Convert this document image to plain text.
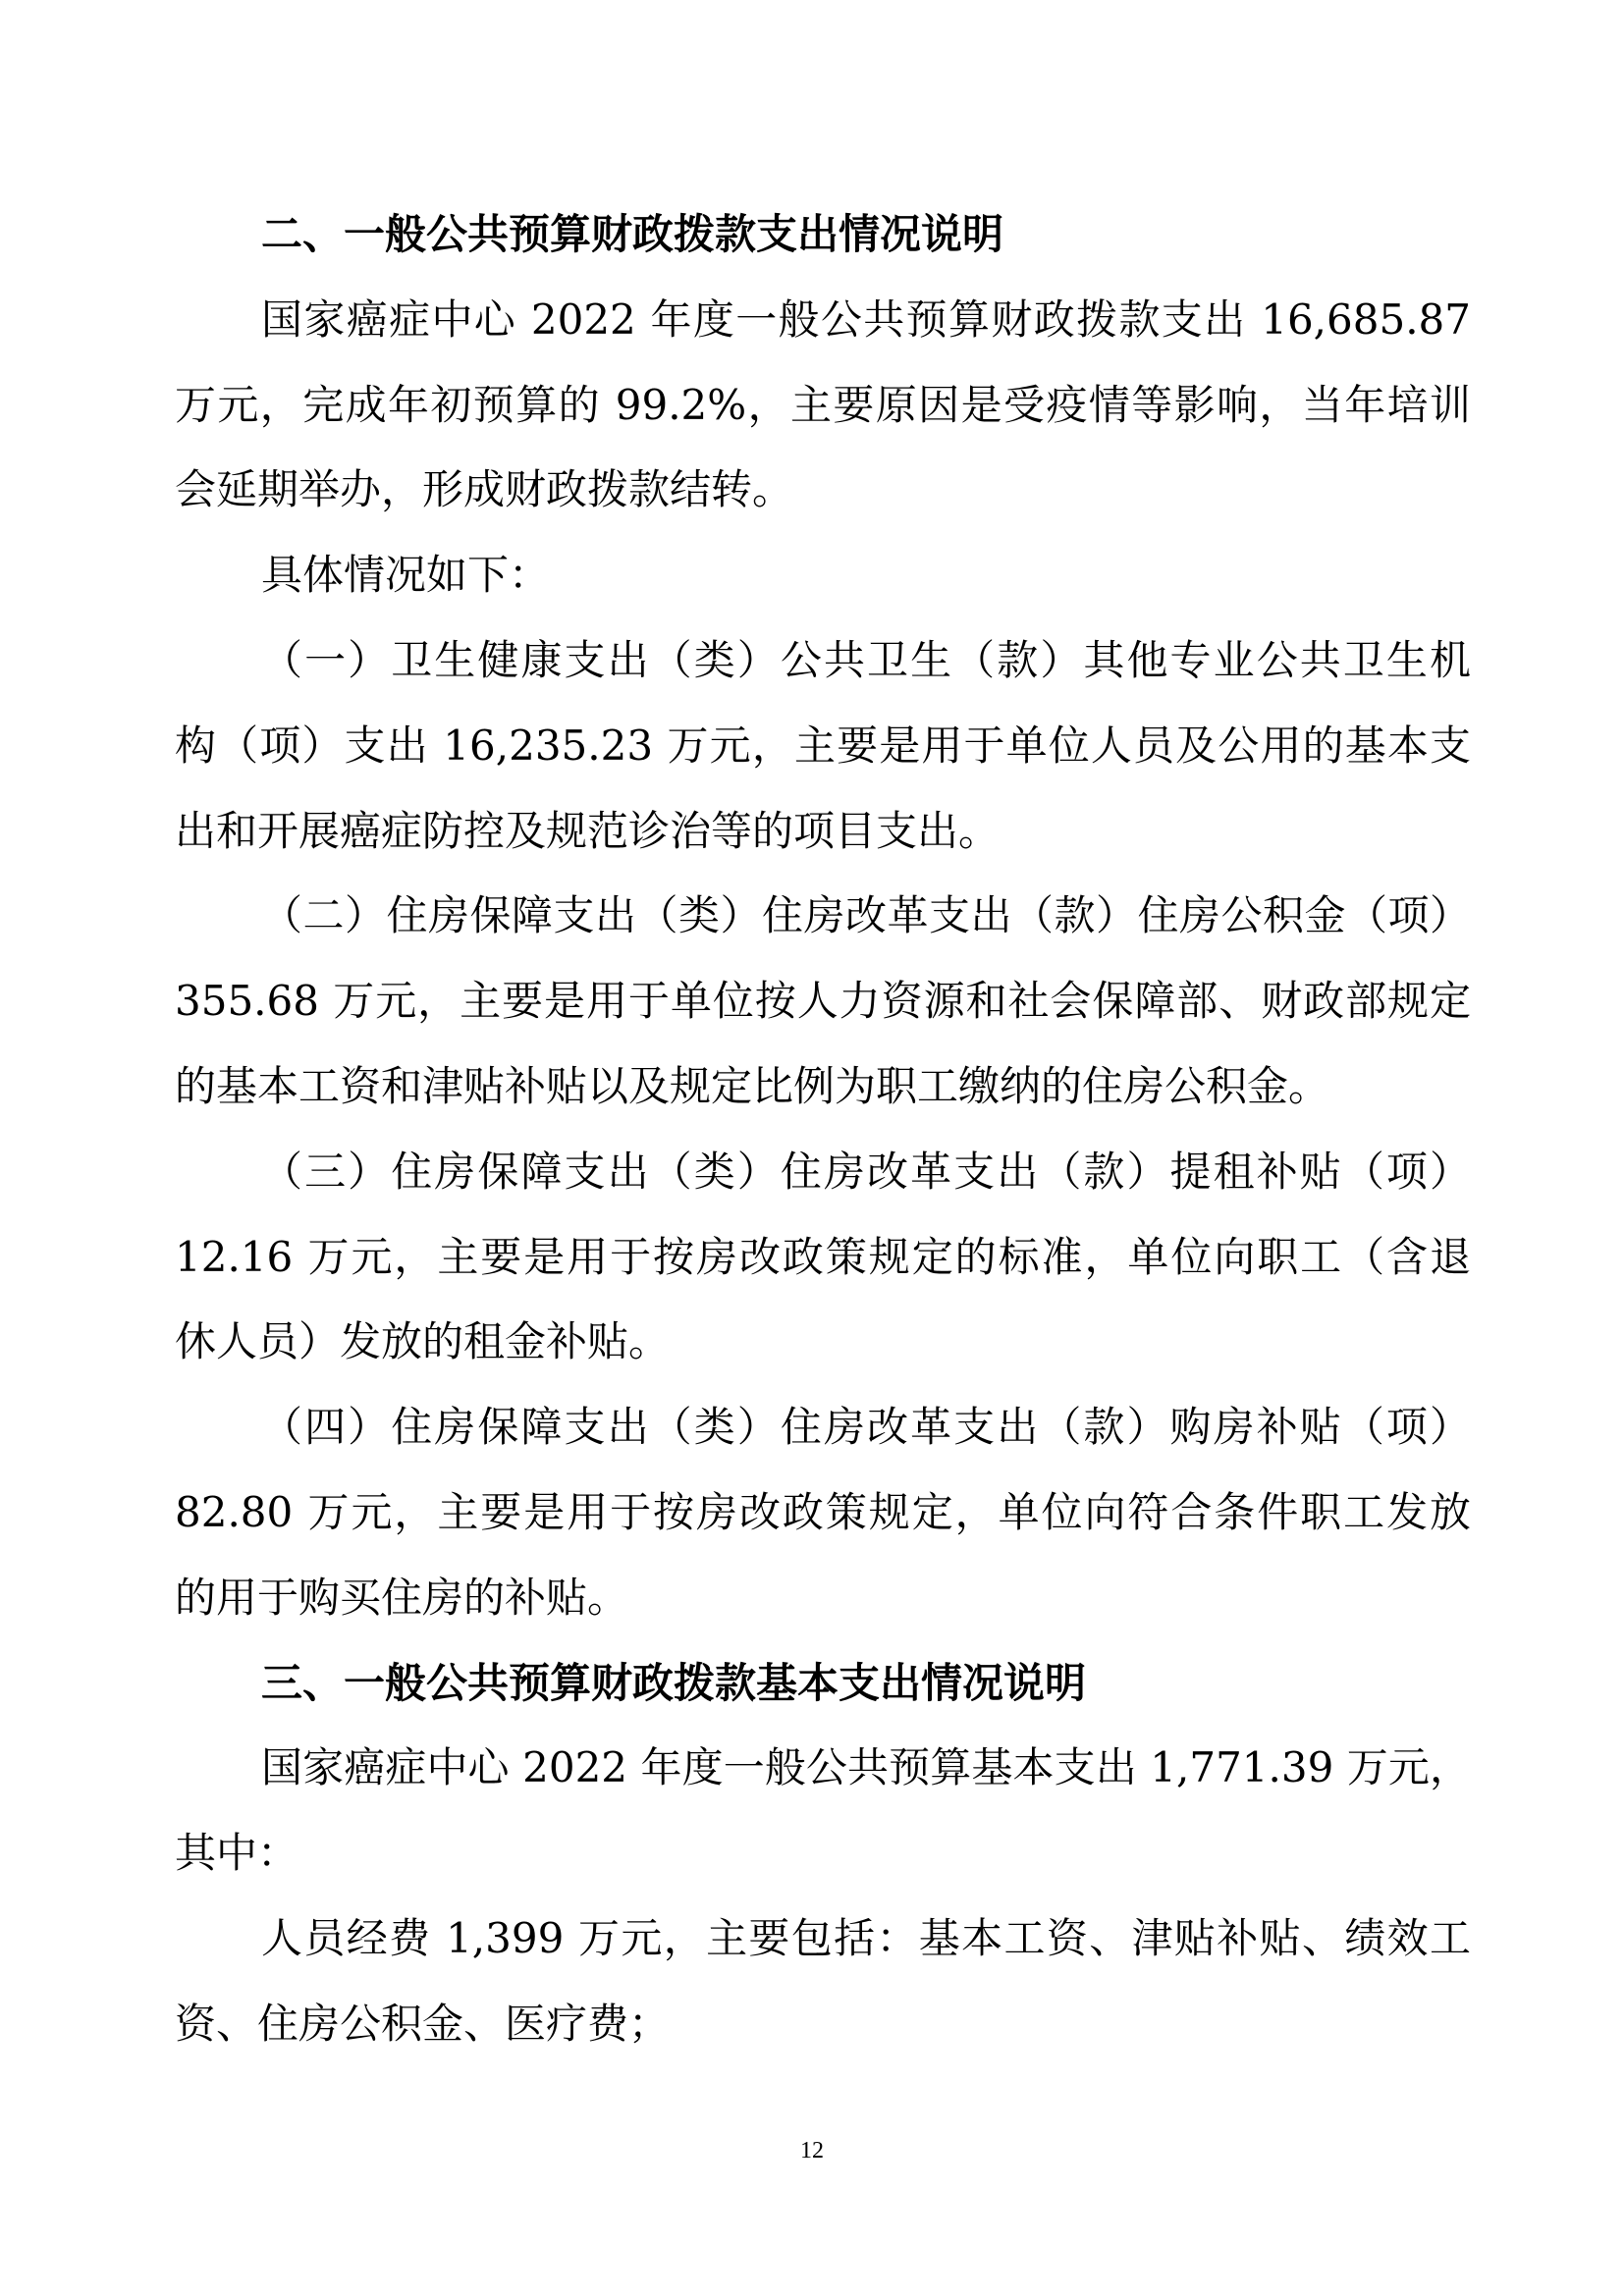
二、一般公共预算财政拨款支出情况说明
国家癌症中心 2022 年度一般公共预算财政拨款支出 16,685.87
万元，完成年初预算的 99.2%，主要原因是受疫情等影响，当年培训
会延期举办，形成财政拨款结转。
具体情况如下：
（一）卫生健康支出（类）公共卫生（款）其他专业公共卫生机
构（项）支出 16,235.23 万元，主要是用于单位人员及公用的基本支
出和开展癌症防控及规范诊治等的项目支出。
（二）住房保障支出（类）住房改革支出（款）住房公积金（项）
355.68 万元，主要是用于单位按人力资源和社会保障部、财政部规定
的基本工资和津贴补贴以及规定比例为职工缴纳的住房公积金。
（三）住房保障支出（类）住房改革支出（款）提租补贴（项）
12.16 万元，主要是用于按房改政策规定的标准，单位向职工（含退
休人员）发放的租金补贴。
（四）住房保障支出（类）住房改革支出（款）购房补贴（项）
82.80 万元，主要是用于按房改政策规定，单位向符合条件职工发放
的用于购买住房的补贴。
三、一般公共预算财政拨款基本支出情况说明
国家癌症中心 2022 年度一般公共预算基本支出 1,771.39 万元，
其中：
人员经费 1,399 万元，主要包括：基本工资、津贴补贴、绩效工
资、住房公积金、医疗费；
12
